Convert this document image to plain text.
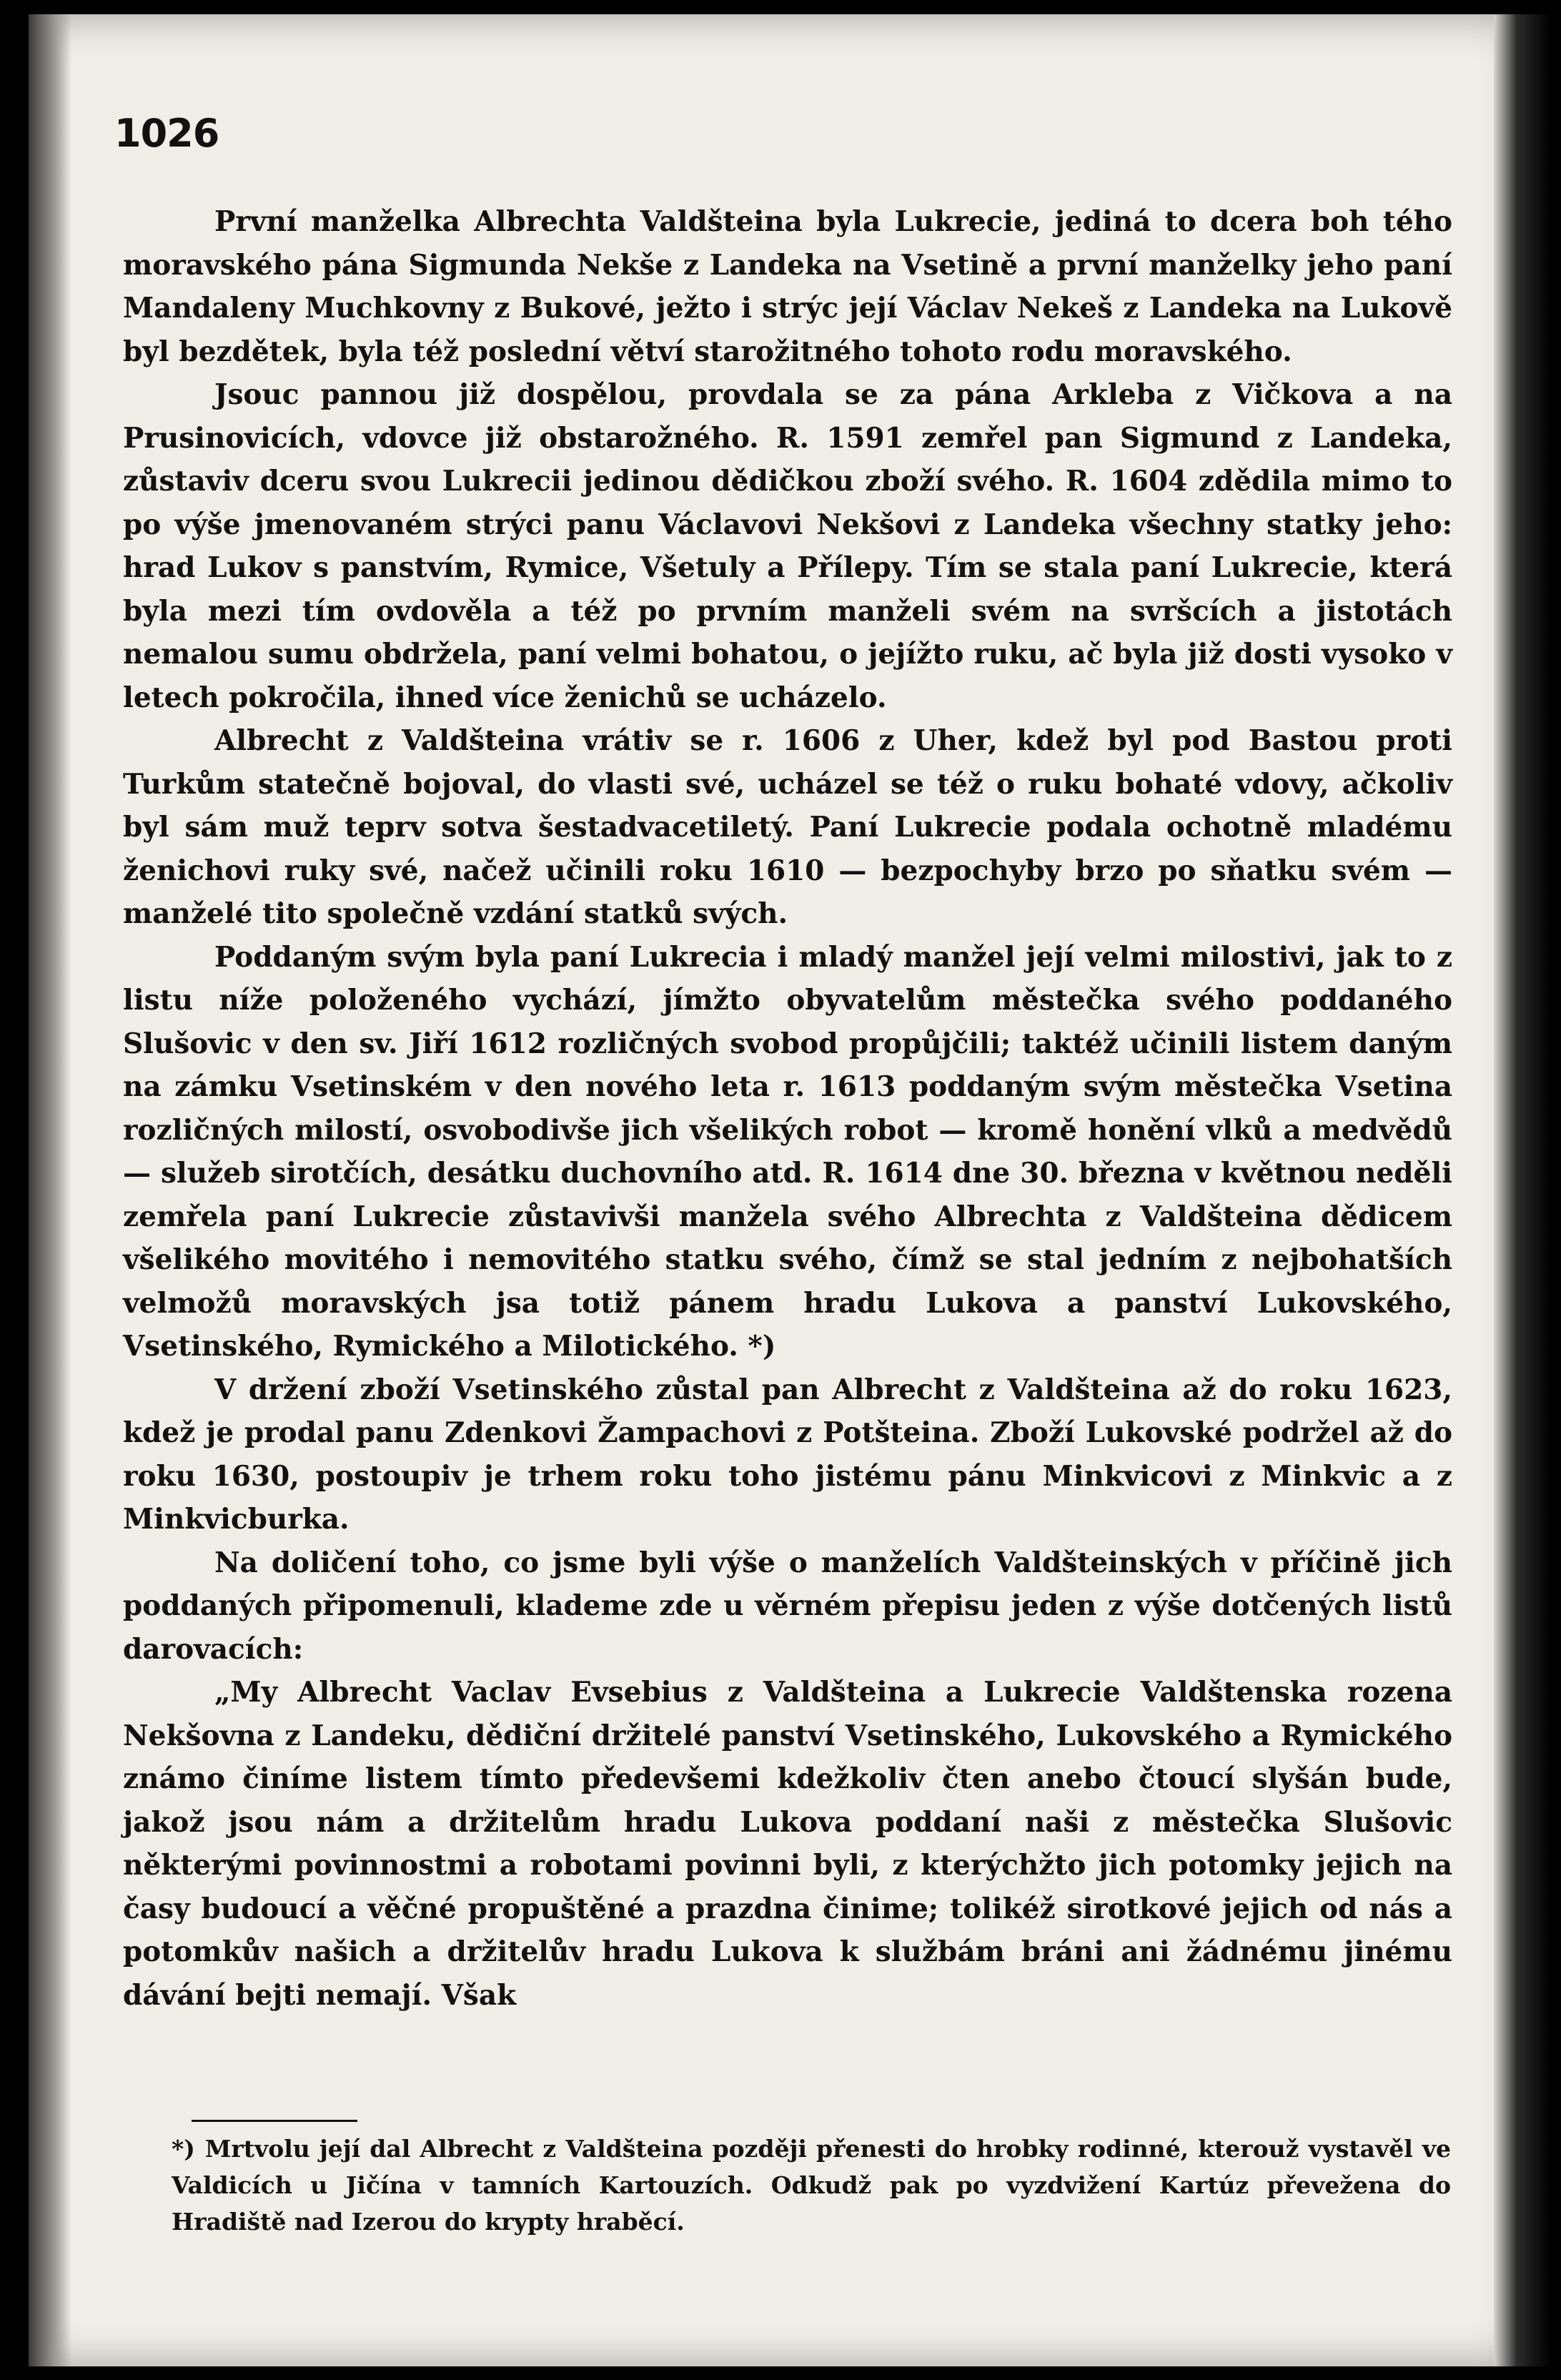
1026

První manželka Albrechta Valdšteina byla Lukrecie, jediná to dcera boh tého moravského pána Sigmunda Nekše z Landeka na Vsetině a první manželky jeho paní Mandaleny Muchkovny z Bukové, ježto i strýc její Václav Nekeš z Landeka na Lukově byl bezdětek, byla též poslední větví starožitného tohoto rodu moravského.

Jsouc pannou již dospělou, provdala se za pána Arkleba z Vičkova a na Prusinovicích, vdovce již obstarožného. R. 1591 zemřel pan Sigmund z Landeka, zůstaviv dceru svou Lukrecii jedinou dědičkou zboží svého. R. 1604 zdědila mimo to po výše jmenovaném strýci panu Václavovi Nekšovi z Landeka všechny statky jeho: hrad Lukov s panstvím, Rymice, Všetuly a Přílepy. Tím se stala paní Lukrecie, která byla mezi tím ovdověla a též po prvním manželi svém na svršcích a jistotách nemalou sumu obdržela, paní velmi bohatou, o jejížto ruku, ač byla již dosti vysoko v letech pokročila, ihned více ženichů se ucházelo.

Albrecht z Valdšteina vrátiv se r. 1606 z Uher, kdež byl pod Bastou proti Turkům statečně bojoval, do vlasti své, ucházel se též o ruku bohaté vdovy, ačkoliv byl sám muž teprv sotva šestadvacetiletý. Paní Lukrecie podala ochotně mladému ženichovi ruky své, načež učinili roku 1610 — bezpochyby brzo po sňatku svém — manželé tito společně vzdání statků svých.

Poddaným svým byla paní Lukrecia i mladý manžel její velmi milostivi, jak to z listu níže položeného vychází, jímžto obyvatelům městečka svého poddaného Slušovic v den sv. Jiří 1612 rozličných svobod propůjčili; taktéž učinili listem daným na zámku Vsetinském v den nového leta r. 1613 poddaným svým městečka Vsetina rozličných milostí, osvobodivše jich všelikých robot — kromě honění vlků a medvědů — služeb sirotčích, desátku duchovního atd. R. 1614 dne 30. března v květnou neděli zemřela paní Lukrecie zůstavivši manžela svého Albrechta z Valdšteina dědicem všelikého movitého i nemovitého statku svého, čímž se stal jedním z nejbohatších velmožů moravských jsa totiž pánem hradu Lukova a panství Lukovského, Vsetinského, Rymického a Milotického. *)

V držení zboží Vsetinského zůstal pan Albrecht z Valdšteina až do roku 1623, kdež je prodal panu Zdenkovi Žampachovi z Potšteina. Zboží Lukovské podržel až do roku 1630, postoupiv je trhem roku toho jistému pánu Minkvicovi z Minkvic a z Minkvicburka.

Na doličení toho, co jsme byli výše o manželích Valdšteinských v příčině jich poddaných připomenuli, klademe zde u věrném přepisu jeden z výše dotčených listů darovacích:

„My Albrecht Vaclav Evsebius z Valdšteina a Lukrecie Valdštenska rozena Nekšovna z Landeku, dědiční držitelé panství Vsetinského, Lukovského a Rymického známo činíme listem tímto předevšemi kdežkoliv čten anebo čtoucí slyšán bude, jakož jsou nám a držitelům hradu Lukova poddaní naši z městečka Slušovic některými povinnostmi a robotami povinni byli, z kterýchžto jich potomky jejich na časy budoucí a věčné propuštěné a prazdna činime; tolikéž sirotkové jejich od nás a potomkův našich a držitelův hradu Lukova k službám bráni ani žádnému jinému dávání bejti nemají. Však

*) Mrtvolu její dal Albrecht z Valdšteina později přenesti do hrobky rodinné, kterouž vystavěl ve Valdicích u Jičína v tamních Kartouzích. Odkudž pak po vyzdvižení Kartúz převežena do Hradiště nad Izerou do krypty hraběcí.
